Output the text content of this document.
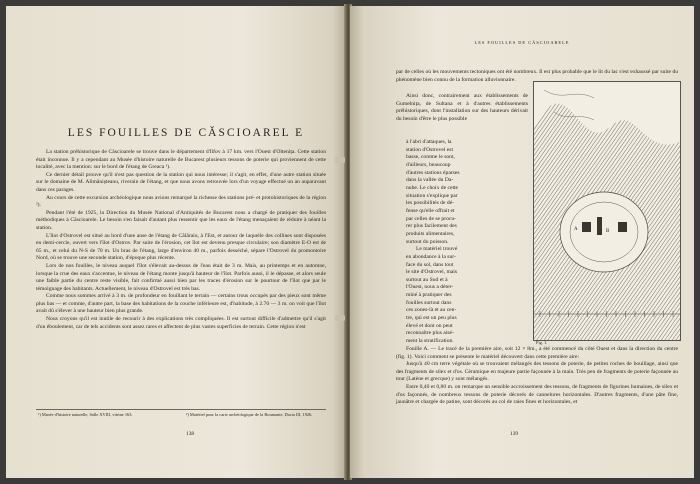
LES FOUILLES DE CĂSCIOAREL E

La station préhistorique de Căscioarele se trouve dans le département d'Ilfov à 17 km. vers l'Ouest d'Oltenița. Cette station était inconnue. Il y a cependant au Musée d'histoire naturelle de Bucarest plusieurs tessons de poterie qui proviennent de cette localité, avec la mention: sur le bord de l'étang de Greaca ¹).

Ce dernier détail prouve qu'il n'est pas question de la station qui nous intéresse; il s'agit, en effet, d'une autre station située sur le domaine de M. Alimănișteanu, riverain de l'étang, et que nous avons retrouvée lors d'un voyage effectué un an auparavant dans ces parages.

Au cours de cette excursion archéologique nous avions remarqué la richesse des stations pré- et protohistoriques de la région ²).

Pendant l'été de 1925, la Direction du Musée National d'Antiquités de Bucarest nous a chargé de pratiquer des fouilles méthodiques à Căscioarele. Le besoin s'en faisait d'autant plus ressentir que les eaux de l'étang menaçaient de réduire à néant la station.

L'îlot d'Ostrovel est situé au bord d'une anse de l'étang de Călăraiu, à l'Est, et autour de laquelle des collines sont disposées en demi-cercle, ouvert vers l'îlot d'Ostrov. Par suite de l'érosion, cet îlot est devenu presque circulaire; son diamètre E-O est de 65 m., et celui du N-S de 70 m. Un bras de l'étang, large d'environ 40 m., parfois desséché, sépare l'Ostrovel du promontoire Nord, où se trouve une seconde station, d'époque plus récente.

Lors de nos fouilles, le niveau auquel l'îlot s'élevait au-dessus de l'eau était de 3 m. Mais, au printemps et en automne, lorsque la crue des eaux s'accentue, le niveau de l'étang monte jusqu'à hauteur de l'îlot. Parfois aussi, il le dépasse, et alors seule une faible partie du centre reste visible, fait confirmé aussi bien par les traces d'érosion sur le pourtour de l'îlot que par le témoignage des habitants. Actuellement, le niveau d'Ostrovel est très bas.

Comme nous sommes arrivé à 3 m. de profondeur en fouillant le terrain — certains trous occupés par des pieux sont même plus bas — et comme, d'autre part, la base des habitations de la couche inférieure est, d'habitude, à 2.70 — 3 m. on voit que l'îlot avait dû s'élever à une hauteur bien plus grande.

Nous croyons qu'il est inutile de recourir à des explications très compliquées. Il est surtout difficile d'admettre qu'il s'agit d'un éboulement, car de tels accidents sont assez rares et affectent de plus vastes superficies de terrain. Cette région n'est

¹) Musée d'histoire naturelle, Salle XVIII, vitrine 163.	²) Matériel pour la carte archéologique de la Roumanie, Dacia III, 1926.
138
LES FOUILLES DE CĂSCIOARELE

par de celles où les mouvements tectoniques ont été nombreux. Il est plus probable que le lit du lac s'est exhaussé par suite du phénomène bien connu de la formation alluvionnaire.

Ainsi donc, contrairement aux établissements de Gumelnița, de Sultana et à d'autres établissements préhistoriques, dont l'installation sur des hauteurs dérivait du besoin d'être le plus possible

à l'abri d'attaques, la
station d'Ostrovel est
basse, comme le sont,
d'ailleurs, beaucoup
d'autres stations éparses
dans la vallée du Da-
nube. Le choix de cette
situation s'explique par
les possibilités de dé-
fense qu'elle offrait et
par celles de se procu-
rer plus facilement des
produits alimentaires,
surtout du poisson.
Le matériel trouvé
en abondance à la sur-
face du sol, dans tout
le site d'Ostrovel, mais
surtout au Sud et à
l'Ouest, nous a déter-
miné à pratiquer des
fouilles surtout dans
ces zones-là et au cen-
tre, qui est un peu plus
élevé et dont on peut
reconnaître plus aisé-
ment la stratification.
A	B
Fig. 1.

Fouille A. — Le tracé de la première aire, soit 12 × 8m., a été commencé du côté Ouest et dans la direction du centre (fig. 1). Voici comment se présente le matériel découvert dans cette première aire:

Jusqu'à 40 cm terre végétale où se trouvaient mélangés des tessons de poterie, de petites roches de bouillage, ainsi que des fragments de silex et d'os. Céramique en majeure partie façonnée à la main. Très peu de fragments de poterie façonnée au tour (Latène et grecque) y sont mélangés.

Entre 0,40 et 0,80 m. on remarque un sensible accroissement des tessons, de fragments de figurines humaines, de silex et d'os façonnés, de nombreux tessons de poterie décorés de cannelures horizontales. D'autres fragments, d'une pâte fine, jaunâtre et chargée de patine, sont décorés au col de raies fines et horizontales, et

139
